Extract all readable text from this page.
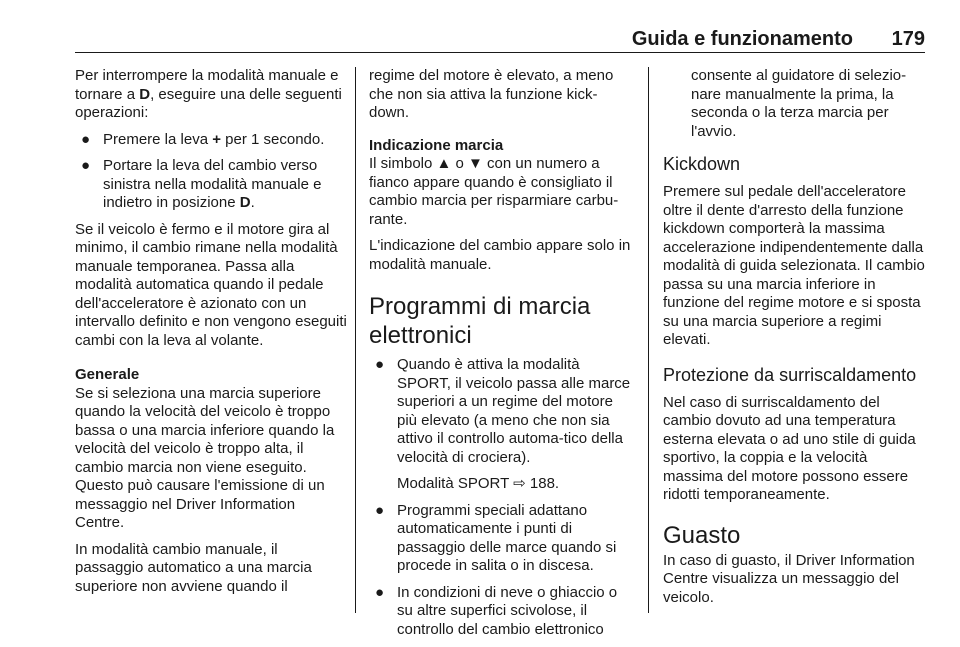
Guida e funzionamento 179

Per interrompere la modalità manuale e tornare a D, eseguire una delle seguenti operazioni:

● Premere la leva + per 1 secondo.
● Portare la leva del cambio verso sinistra nella modalità manuale e indietro in posizione D.

Se il veicolo è fermo e il motore gira al minimo, il cambio rimane nella modalità manuale temporanea. Passa alla modalità automatica quando il pedale dell'acceleratore è azionato con un intervallo definito e non vengono eseguiti cambi con la leva al volante.

Generale

Se si seleziona una marcia superiore quando la velocità del veicolo è troppo bassa o una marcia inferiore quando la velocità del veicolo è troppo alta, il cambio marcia non viene eseguito. Questo può causare l'emissione di un messaggio nel Driver Information Centre.

In modalità cambio manuale, il passaggio automatico a una marcia superiore non avviene quando il

regime del motore è elevato, a meno che non sia attiva la funzione kick-down.

Indicazione marcia

Il simbolo ▲ o ▼ con un numero a fianco appare quando è consigliato il cambio marcia per risparmiare carbu-rante.

L'indicazione del cambio appare solo in modalità manuale.

Programmi di marcia elettronici
● Quando è attiva la modalità SPORT, il veicolo passa alle marce superiori a un regime del motore più elevato (a meno che non sia attivo il controllo automa-tico della velocità di crociera).
Modalità SPORT ⇨ 188.
● Programmi speciali adattano automaticamente i punti di passaggio delle marce quando si procede in salita o in discesa.
● In condizioni di neve o ghiaccio o su altre superfici scivolose, il controllo del cambio elettronico

consente al guidatore di selezio-nare manualmente la prima, la seconda o la terza marcia per l'avvio.

Kickdown

Premere sul pedale dell'acceleratore oltre il dente d'arresto della funzione kickdown comporterà la massima accelerazione indipendentemente dalla modalità di guida selezionata. Il cambio passa su una marcia inferiore in funzione del regime motore e si sposta su una marcia superiore a regimi elevati.

Protezione da surriscaldamento

Nel caso di surriscaldamento del cambio dovuto ad una temperatura esterna elevata o ad uno stile di guida sportivo, la coppia e la velocità massima del motore possono essere ridotti temporaneamente.

Guasto

In caso di guasto, il Driver Information Centre visualizza un messaggio del veicolo.
